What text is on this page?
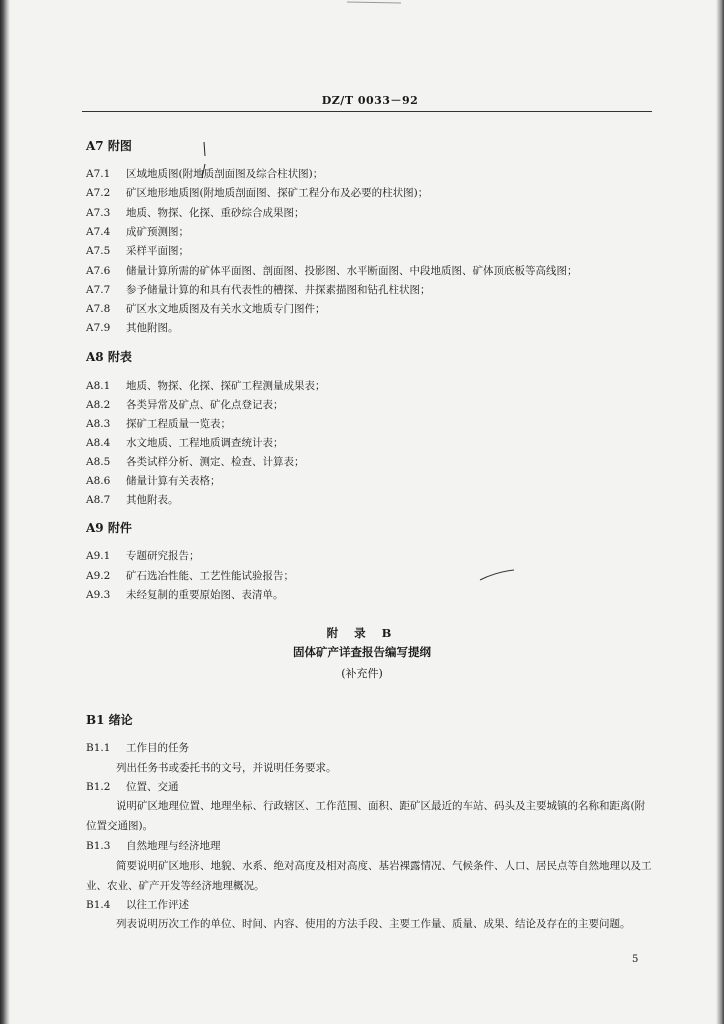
DZ/T 0033－92
A7 附图
A7.1 区域地质图(附地质剖面图及综合柱状图)；
A7.2 矿区地形地质图(附地质剖面图、探矿工程分布及必要的柱状图)；
A7.3 地质、物探、化探、重砂综合成果图；
A7.4 成矿预测图；
A7.5 采样平面图；
A7.6 储量计算所需的矿体平面图、剖面图、投影图、水平断面图、中段地质图、矿体顶底板等高线图；
A7.7 参予储量计算的和具有代表性的槽探、井探素描图和钻孔柱状图；
A7.8 矿区水文地质图及有关水文地质专门图件；
A7.9 其他附图。
A8 附表
A8.1 地质、物探、化探、探矿工程测量成果表；
A8.2 各类异常及矿点、矿化点登记表；
A8.3 探矿工程质量一览表；
A8.4 水文地质、工程地质调查统计表；
A8.5 各类试样分析、测定、检查、计算表；
A8.6 储量计算有关表格；
A8.7 其他附表。
A9 附件
A9.1 专题研究报告；
A9.2 矿石选冶性能、工艺性能试验报告；
A9.3 未经复制的重要原始图、表清单。
附 录 B
固体矿产详查报告编写提纲
(补充件)
B1 绪论
B1.1 工作目的任务
列出任务书或委托书的文号，并说明任务要求。
B1.2 位置、交通
说明矿区地理位置、地理坐标、行政辖区、工作范围、面积、距矿区最近的车站、码头及主要城镇的名称和距离(附位置交通图)。
B1.3 自然地理与经济地理
简要说明矿区地形、地貌、水系、绝对高度及相对高度、基岩裸露情况、气候条件、人口、居民点等自然地理以及工业、农业、矿产开发等经济地理概况。
B1.4 以往工作评述
列表说明历次工作的单位、时间、内容、使用的方法手段、主要工作量、质量、成果、结论及存在的主要问题。
5
